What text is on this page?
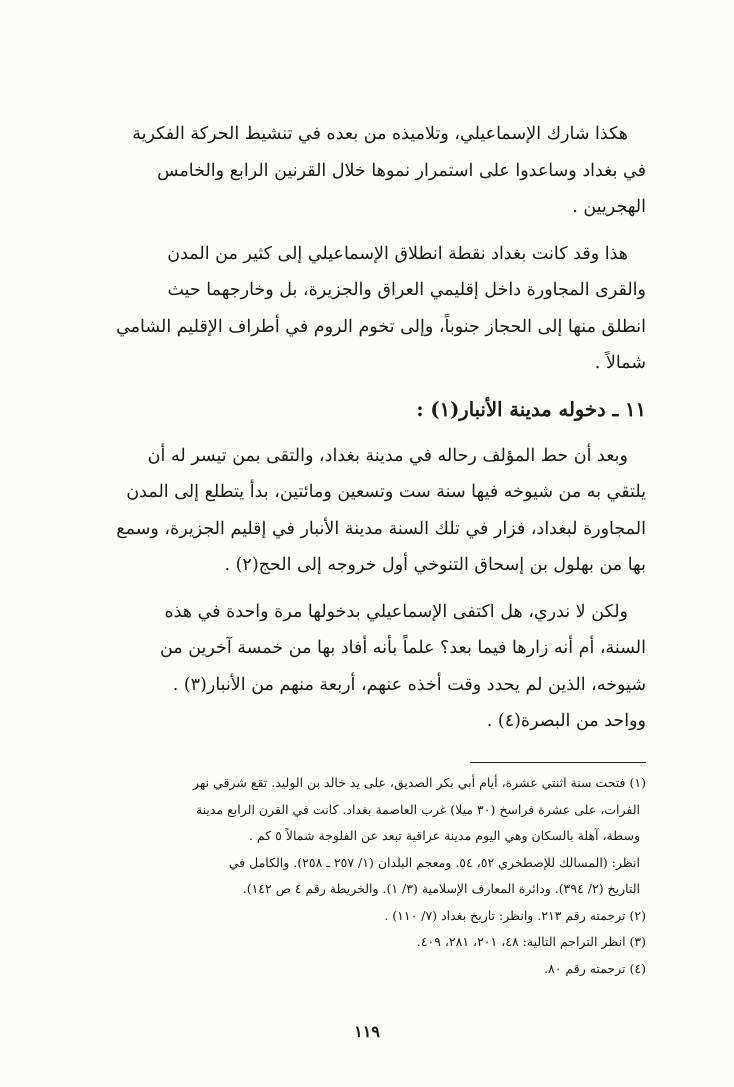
هكذا شارك الإسماعيلي، وتلاميذه من بعده في تنشيط الحركة الفكرية
في بغداد وساعدوا على استمرار نموها خلال القرنين الرابع والخامس
الهجريين .

هذا وقد كانت بغداد نقطة انطلاق الإسماعيلي إلى كثير من المدن
والقرى المجاورة داخل إقليمي العراق والجزيرة، بل وخارجهما حيث
انطلق منها إلى الحجاز جنوباً، وإلى تخوم الروم في أطراف الإقليم الشامي
شمالاً .

١١ ـ دخوله مدينة الأنبار(١) :

وبعد أن حط المؤلف رحاله في مدينة بغداد، والتقى بمن تيسر له أن
يلتقي به من شيوخه فيها سنة ست وتسعين ومائتين، بدأ يتطلع إلى المدن
المجاورة لبغداد، فزار في تلك السنة مدينة الأنبار في إقليم الجزيرة، وسمع
بها من بهلول بن إسحاق التنوخي أول خروجه إلى الحج(٢) .

ولكن لا ندري، هل اكتفى الإسماعيلي بدخولها مرة واحدة في هذه
السنة، أم أنه زارها فيما بعد؟ علماً بأنه أفاد بها من خمسة آخرين من
شيوخه، الذين لم يحدد وقت أخذه عنهم، أربعة منهم من الأنبار(٣) .
وواحد من البصرة(٤) .

(١) فتحت سنة اثنتي عشرة، أيام أبي بكر الصديق، على يد خالد بن الوليد. تقع شرقي نهر
الفرات، على عشرة فراسخ (٣٠ ميلا) غرب العاصمة بغداد. كانت في القرن الرابع مدينة
وسطة، آهلة بالسكان وهي اليوم مدينة عراقية تبعد عن الفلوجة شمالاً ٥ كم .
انظر: (المسالك للإصطخري ٥٢، ٥٤. ومعجم البلدان (١/ ٢٥٧ ـ ٢٥٨). والكامل في
التاريخ (٢/ ٣٩٤). ودائرة المعارف الإسلامية (٣/ ١). والخريطة رقم ٤ ص ١٤٢).
(٢) ترجمته رقم ٢١٣. وانظر: تاريخ بغداد (٧/ ١١٠) .
(٣) انظر التراجم التالية: ٤٨، ٢٠١، ٢٨١، ٤٠٩.
(٤) ترجمته رقم ٨٠.
١١٩
